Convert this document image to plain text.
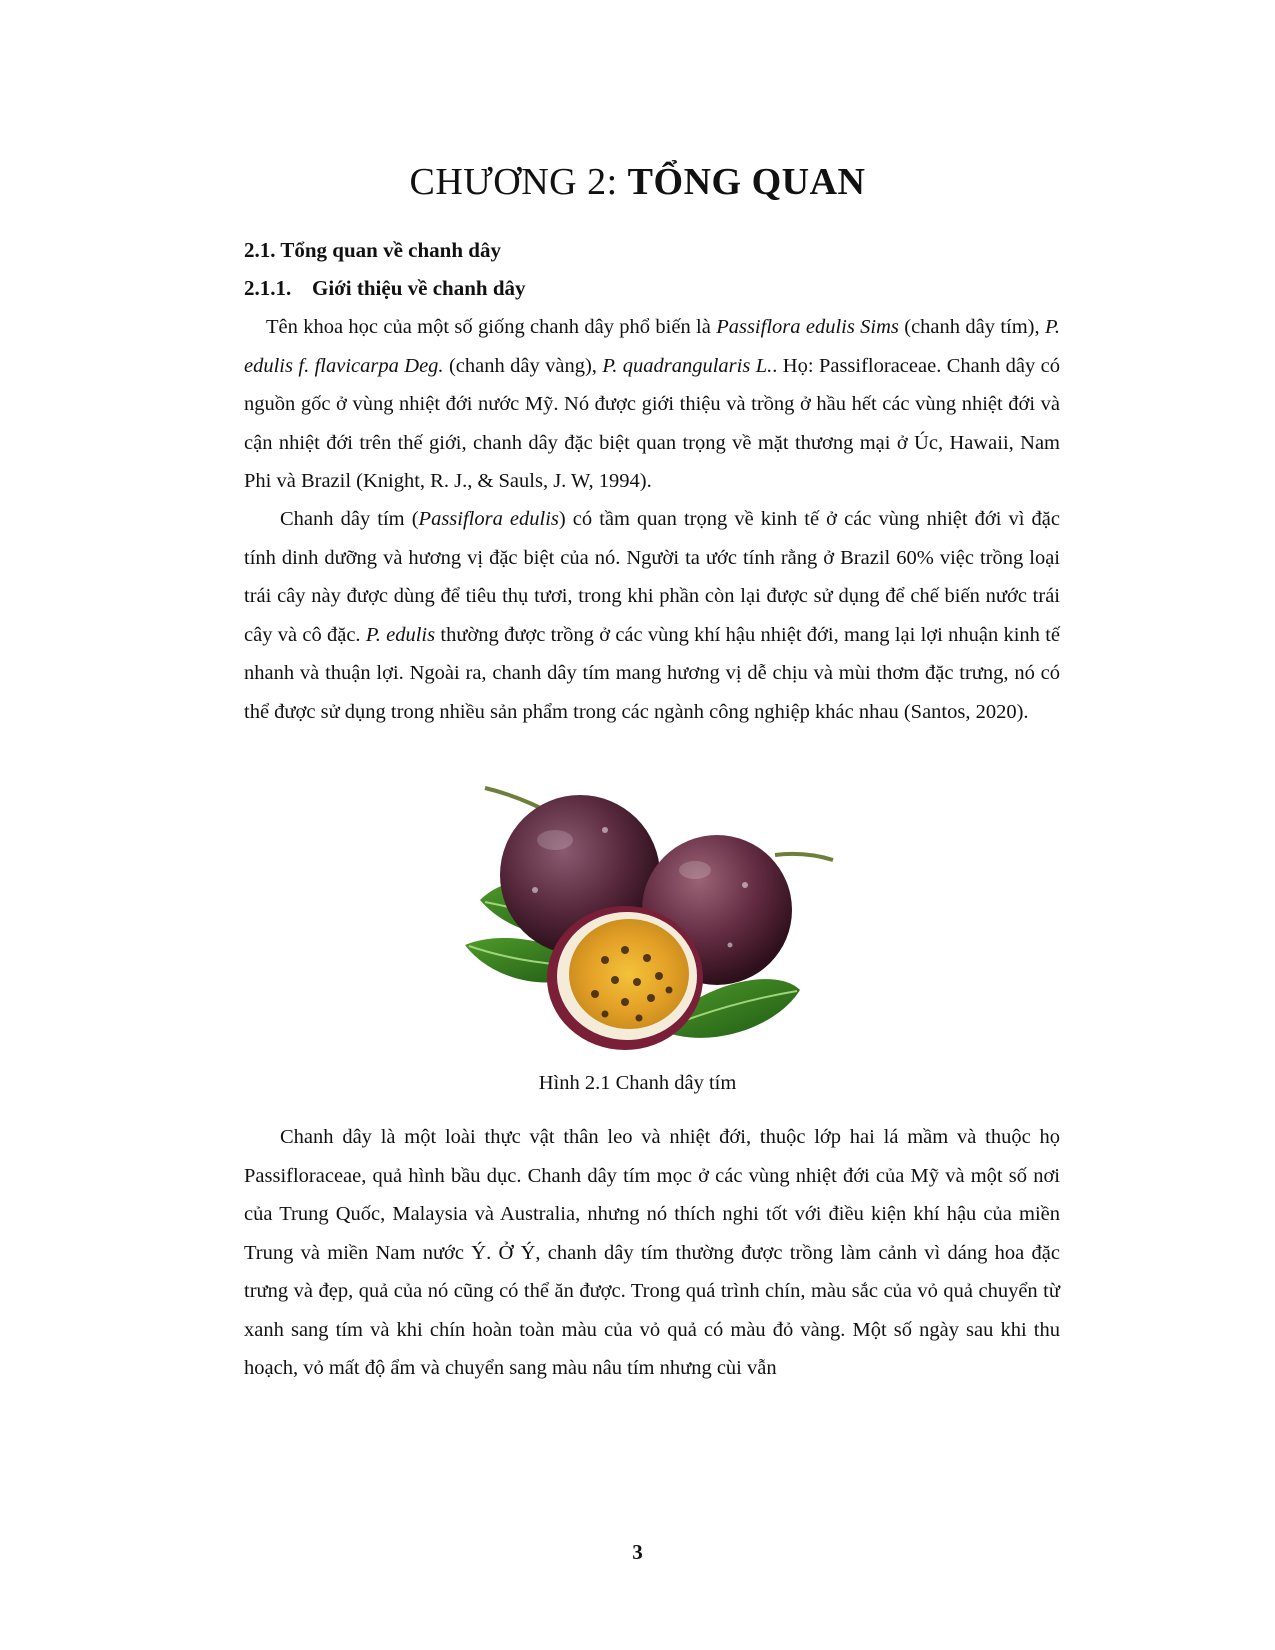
CHƯƠNG 2: TỔNG QUAN
2.1. Tổng quan về chanh dây
2.1.1. Giới thiệu về chanh dây

Tên khoa học của một số giống chanh dây phổ biến là Passiflora edulis Sims (chanh dây tím), P. edulis f. flavicarpa Deg. (chanh dây vàng), P. quadrangularis L.. Họ: Passifloraceae. Chanh dây có nguồn gốc ở vùng nhiệt đới nước Mỹ. Nó được giới thiệu và trồng ở hầu hết các vùng nhiệt đới và cận nhiệt đới trên thế giới, chanh dây đặc biệt quan trọng về mặt thương mại ở Úc, Hawaii, Nam Phi và Brazil (Knight, R. J., & Sauls, J. W, 1994).

Chanh dây tím (Passiflora edulis) có tầm quan trọng về kinh tế ở các vùng nhiệt đới vì đặc tính dinh dưỡng và hương vị đặc biệt của nó. Người ta ước tính rằng ở Brazil 60% việc trồng loại trái cây này được dùng để tiêu thụ tươi, trong khi phần còn lại được sử dụng để chế biến nước trái cây và cô đặc. P. edulis thường được trồng ở các vùng khí hậu nhiệt đới, mang lại lợi nhuận kinh tế nhanh và thuận lợi. Ngoài ra, chanh dây tím mang hương vị dễ chịu và mùi thơm đặc trưng, nó có thể được sử dụng trong nhiều sản phẩm trong các ngành công nghiệp khác nhau (Santos, 2020).

Hình 2.1 Chanh dây tím

Chanh dây là một loài thực vật thân leo và nhiệt đới, thuộc lớp hai lá mầm và thuộc họ Passifloraceae, quả hình bầu dục. Chanh dây tím mọc ở các vùng nhiệt đới của Mỹ và một số nơi của Trung Quốc, Malaysia và Australia, nhưng nó thích nghi tốt với điều kiện khí hậu của miền Trung và miền Nam nước Ý. Ở Ý, chanh dây tím thường được trồng làm cảnh vì dáng hoa đặc trưng và đẹp, quả của nó cũng có thể ăn được. Trong quá trình chín, màu sắc của vỏ quả chuyển từ xanh sang tím và khi chín hoàn toàn màu của vỏ quả có màu đỏ vàng. Một số ngày sau khi thu hoạch, vỏ mất độ ẩm và chuyển sang màu nâu tím nhưng cùi vẫn

3
